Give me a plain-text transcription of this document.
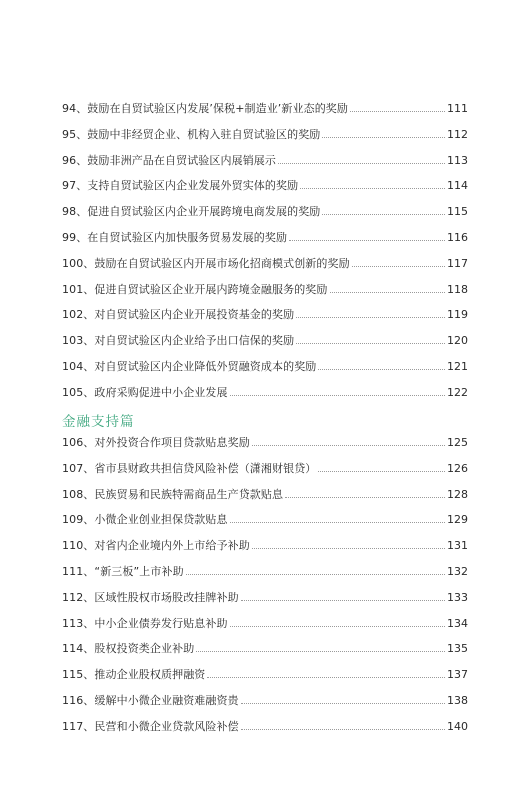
94、鼓励在自贸试验区内发展’保税+制造业’新业态的奖励	111
95、鼓励中非经贸企业、机构入驻自贸试验区的奖励	112
96、鼓励非洲产品在自贸试验区内展销展示	113
97、支持自贸试验区内企业发展外贸实体的奖励	114
98、促进自贸试验区内企业开展跨境电商发展的奖励	115
99、在自贸试验区内加快服务贸易发展的奖励	116
100、鼓励在自贸试验区内开展市场化招商模式创新的奖励	117
101、促进自贸试验区企业开展内跨境金融服务的奖励	118
102、对自贸试验区内企业开展投资基金的奖励	119
103、对自贸试验区内企业给予出口信保的奖励	120
104、对自贸试验区内企业降低外贸融资成本的奖励	121
105、政府采购促进中小企业发展	122
金融支持篇
106、对外投资合作项目贷款贴息奖励	125
107、省市县财政共担信贷风险补偿（潇湘财银贷）	126
108、民族贸易和民族特需商品生产贷款贴息	128
109、小微企业创业担保贷款贴息	129
110、对省内企业境内外上市给予补助	131
111、“新三板”上市补助	132
112、区域性股权市场股改挂牌补助	133
113、中小企业债券发行贴息补助	134
114、股权投资类企业补助	135
115、推动企业股权质押融资	137
116、缓解中小微企业融资难融资贵	138
117、民营和小微企业贷款风险补偿	140
